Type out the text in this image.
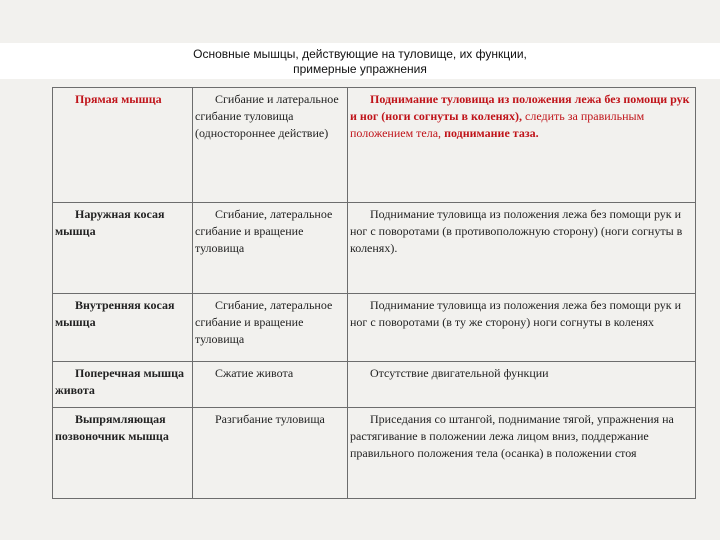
Основные мышцы, действующие на туловище, их функции,
примерные упражнения
Прямая мышца	Сгибание и латеральное сгибание туловища (одностороннее действие)	Поднимание туловища из положения лежа без помощи рук и ног (ноги согнуты в коленях), следить за правильным положением тела, поднимание таза.
Наружная косая мышца	Сгибание, латеральное сгибание и вращение туловища	Поднимание туловища из положения лежа без помощи рук и ног с поворотами (в противоположную сторону) (ноги согнуты в коленях).
Внутренняя косая мышца	Сгибание, латеральное сгибание и вращение туловища	Поднимание туловища из положения лежа без помощи рук и ног с поворотами (в ту же сторону) ноги согнуты в коленях
Поперечная мышца живота	Сжатие живота	Отсутствие двигательной функции
Выпрямляющая позвоночник мышца	Разгибание туловища	Приседания со штангой, поднимание тягой, упражнения на растягивание в положении лежа лицом вниз, поддержание правильного положения тела (осанка) в положении стоя
